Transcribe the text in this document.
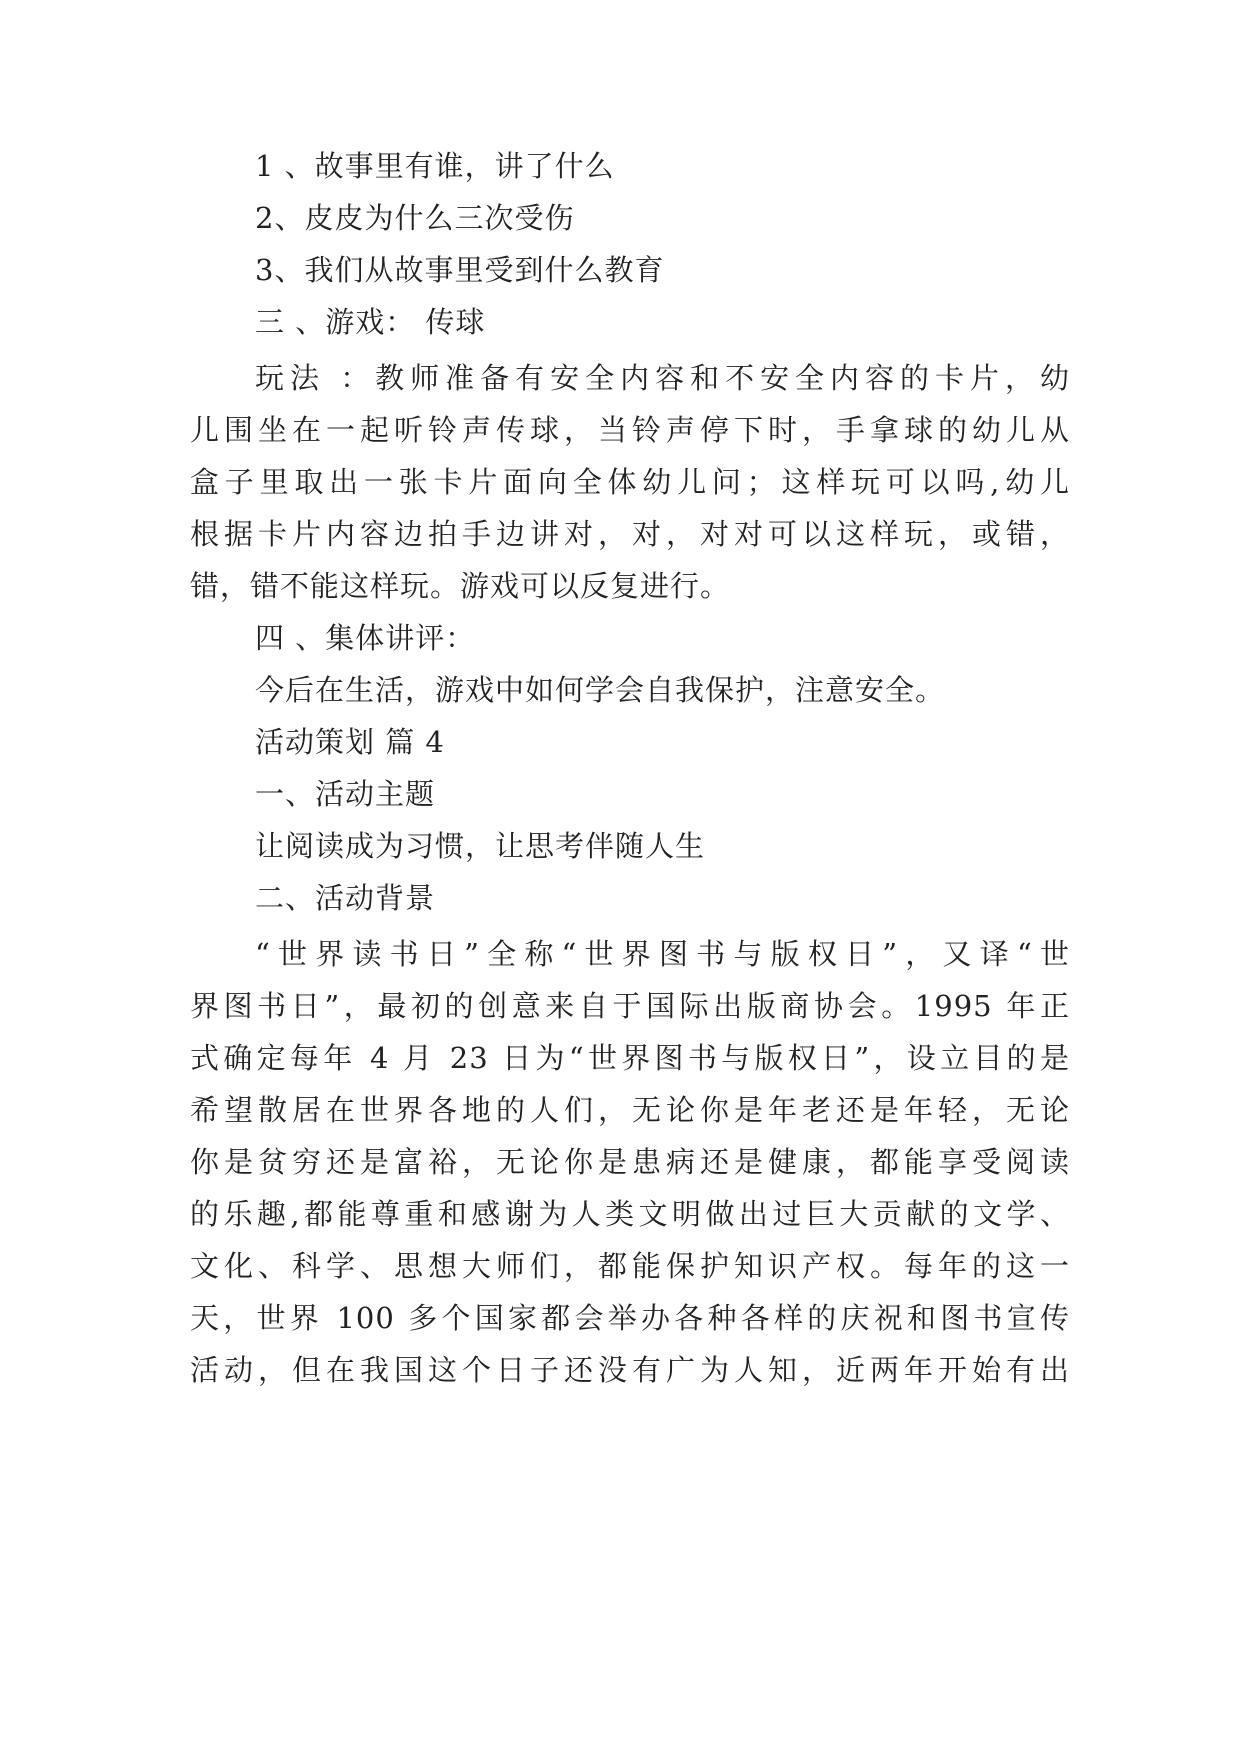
1 、故事里有谁，讲了什么
2、皮皮为什么三次受伤
3、我们从故事里受到什么教育
三 、游戏： 传球
玩法 ：教师准备有安全内容和不安全内容的卡片，幼
儿围坐在一起听铃声传球，当铃声停下时，手拿球的幼儿从
盒子里取出一张卡片面向全体幼儿问；这样玩可以吗,幼儿
根据卡片内容边拍手边讲对，对，对对可以这样玩，或错，
错，错不能这样玩。游戏可以反复进行。
四 、集体讲评：
今后在生活，游戏中如何学会自我保护，注意安全。
活动策划 篇 4
一、活动主题
让阅读成为习惯，让思考伴随人生
二、活动背景
“世界读书日”全称“世界图书与版权日”，又译“世
界图书日”，最初的创意来自于国际出版商协会。1995 年正
式确定每年 4 月 23 日为“世界图书与版权日”，设立目的是
希望散居在世界各地的人们，无论你是年老还是年轻，无论
你是贫穷还是富裕，无论你是患病还是健康，都能享受阅读
的乐趣,都能尊重和感谢为人类文明做出过巨大贡献的文学、
文化、科学、思想大师们，都能保护知识产权。每年的这一
天，世界 100 多个国家都会举办各种各样的庆祝和图书宣传
活动，但在我国这个日子还没有广为人知，近两年开始有出
